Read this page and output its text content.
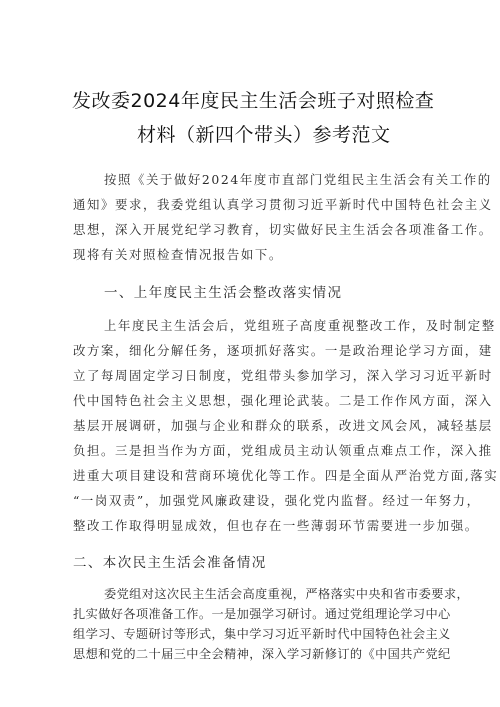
发改委2024年度民主生活会班子对照检查
材料（新四个带头）参考范文
按照《关于做好2024年度市直部门党组民主生活会有关工作的
通知》要求，我委党组认真学习贯彻习近平新时代中国特色社会主义
思想，深入开展党纪学习教育，切实做好民主生活会各项准备工作。
现将有关对照检查情况报告如下。
一、上年度民主生活会整改落实情况
上年度民主生活会后，党组班子高度重视整改工作，及时制定整
改方案，细化分解任务，逐项抓好落实。一是政治理论学习方面，建
立了每周固定学习日制度，党组带头参加学习，深入学习习近平新时
代中国特色社会主义思想，强化理论武装。二是工作作风方面，深入
基层开展调研，加强与企业和群众的联系，改进文风会风，减轻基层
负担。三是担当作为方面，党组成员主动认领重点难点工作，深入推
进重大项目建设和营商环境优化等工作。四是全面从严治党方面,落实
“一岗双责”，加强党风廉政建设，强化党内监督。经过一年努力，
整改工作取得明显成效，但也存在一些薄弱环节需要进一步加强。
二、本次民主生活会准备情况
委党组对这次民主生活会高度重视，严格落实中央和省市委要求，
扎实做好各项准备工作。一是加强学习研讨。通过党组理论学习中心
组学习、专题研讨等形式，集中学习习近平新时代中国特色社会主义
思想和党的二十届三中全会精神，深入学习新修订的《中国共产党纪
